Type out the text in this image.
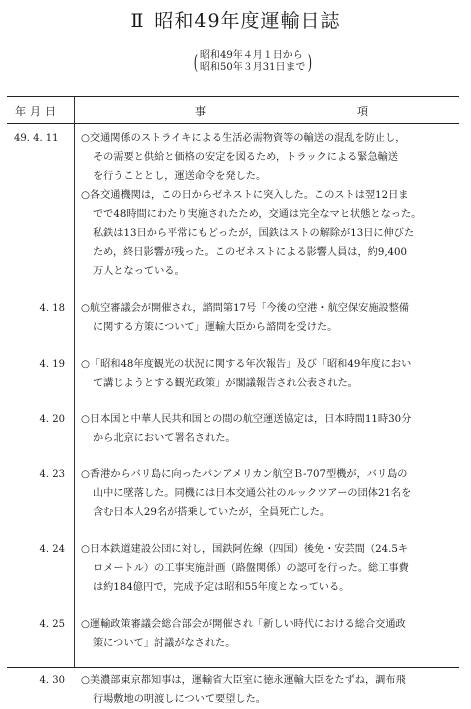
Ⅱ 昭和49年度運輸日誌
( 昭和49年４月１日から
昭和50年３月31日まで )
年月日	事	項
49. 4. 11	○交通関係のストライキによる生活必需物資等の輸送の混乱を防止し，
その需要と供給と価格の安定を図るため，トラックによる緊急輸送
を行うこととし，運送命令を発した。
○各交通機関は，この日からゼネストに突入した。このストは翌12日ま
でで48時間にわたり実施されたため，交通は完全なマヒ状態となった。
私鉄は13日から平常にもどったが，国鉄はストの解除が13日に伸びた
ため，終日影響が残った。このゼネストによる影響人員は，約9,400
万人となっている。
4. 18 ○航空審議会が開催され，諮問第17号「今後の空港・航空保安施設整備
に関する方策について」運輸大臣から諮問を受けた。
4. 19 ○「昭和48年度観光の状況に関する年次報告」及び「昭和49年度におい
て講じようとする観光政策」が閣議報告され公表された。
4. 20 ○日本国と中華人民共和国との間の航空運送協定は，日本時間11時30分
から北京において署名された。
4. 23 ○香港からバリ島に向ったパンアメリカン航空Ｂ-707型機が，バリ島の
山中に墜落した。同機には日本交通公社のルックツアーの団体21名を
含む日本人29名が搭乗していたが，全員死亡した。
4. 24 ○日本鉄道建設公団に対し，国鉄阿佐線（四国）後免・安芸間（24.5キ
ロメートル）の工事実施計画（路盤関係）の認可を行った。総工事費
は約184億円で，完成予定は昭和55年度となっている。
4. 25 ○運輸政策審議会総合部会が開催され「新しい時代における総合交通政
策について」討議がなされた。
4. 30 ○美濃部東京都知事は，運輸省大臣室に徳永運輸大臣をたずね，調布飛
行場敷地の明渡しについて要望した。
